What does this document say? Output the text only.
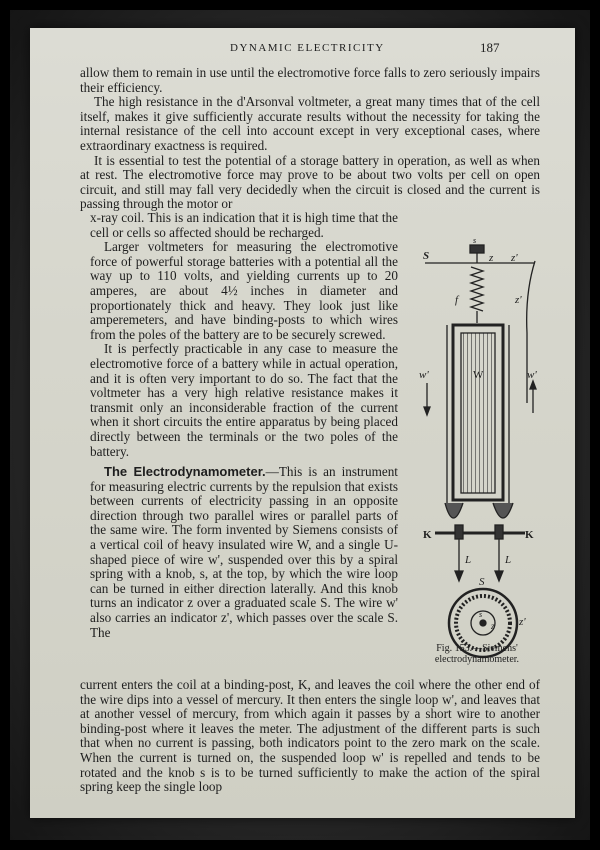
DYNAMIC ELECTRICITY	187

allow them to remain in use until the electromotive force falls to zero seriously impairs their efficiency.

The high resistance in the d'Arsonval voltmeter, a great many times that of the cell itself, makes it give sufficiently accurate results without the necessity for taking the internal resistance of the cell into account except in very exceptional cases, where extraordinary exactness is required.

It is essential to test the potential of a storage battery in operation, as well as when at rest. The electromotive force may prove to be about two volts per cell on open circuit, and still may fall very decidedly when the circuit is closed and the current is passing through the motor or

x-ray coil. This is an indication that it is high time that the cell or cells so affected should be recharged.

Larger voltmeters for measuring the electromotive force of powerful storage batteries with a potential all the way up to 110 volts, and yielding currents up to 20 amperes, are about 4½ inches in diameter and proportionately thick and heavy. They look just like amperemeters, and have binding-posts to which wires from the poles of the battery are to be securely screwed.

It is perfectly practicable in any case to measure the electromotive force of a battery while in actual operation, and it is often very important to do so. The fact that the voltmeter has a very high relative resistance makes it transmit only an inconsiderable fraction of the current when it short circuits the entire apparatus by being placed directly between the terminals or the two poles of the battery.

The Electrodynamometer.—This is an instrument for measuring electric currents by the repulsion that exists between currents of electricity passing in an opposite direction through two parallel wires or parallel parts of the same wire. The form invented by Siemens consists of a vertical coil of heavy insulated wire W, and a single U-shaped piece of wire w', suspended over this by a spiral spring with a knob, s, at the top, by which the wire loop can be turned in either direction laterally. And this knob turns an indicator z over a graduated scale S. The wire w' also carries an indicator z', which passes over the scale S. The

current enters the coil at a binding-post, K, and leaves the coil where the other end of the wire dips into a vessel of mercury. It then enters the single loop w', and leaves that at another vessel of mercury, from which again it passes by a short wire to another binding-post where it leaves the meter. The adjustment of the different parts is such that when no current is passing, both indicators point to the zero mark on the scale. When the current is turned on, the suspended loop w' is repelled and tends to be rotated and the knob s is to be turned sufficiently to make the action of the spiral spring keep the single loop

S
s
z z'
f	z'
w'	W	w'
K	K
L	L
S
s
z z'
Fig. 153.—Siemens' electrodynamometer.
